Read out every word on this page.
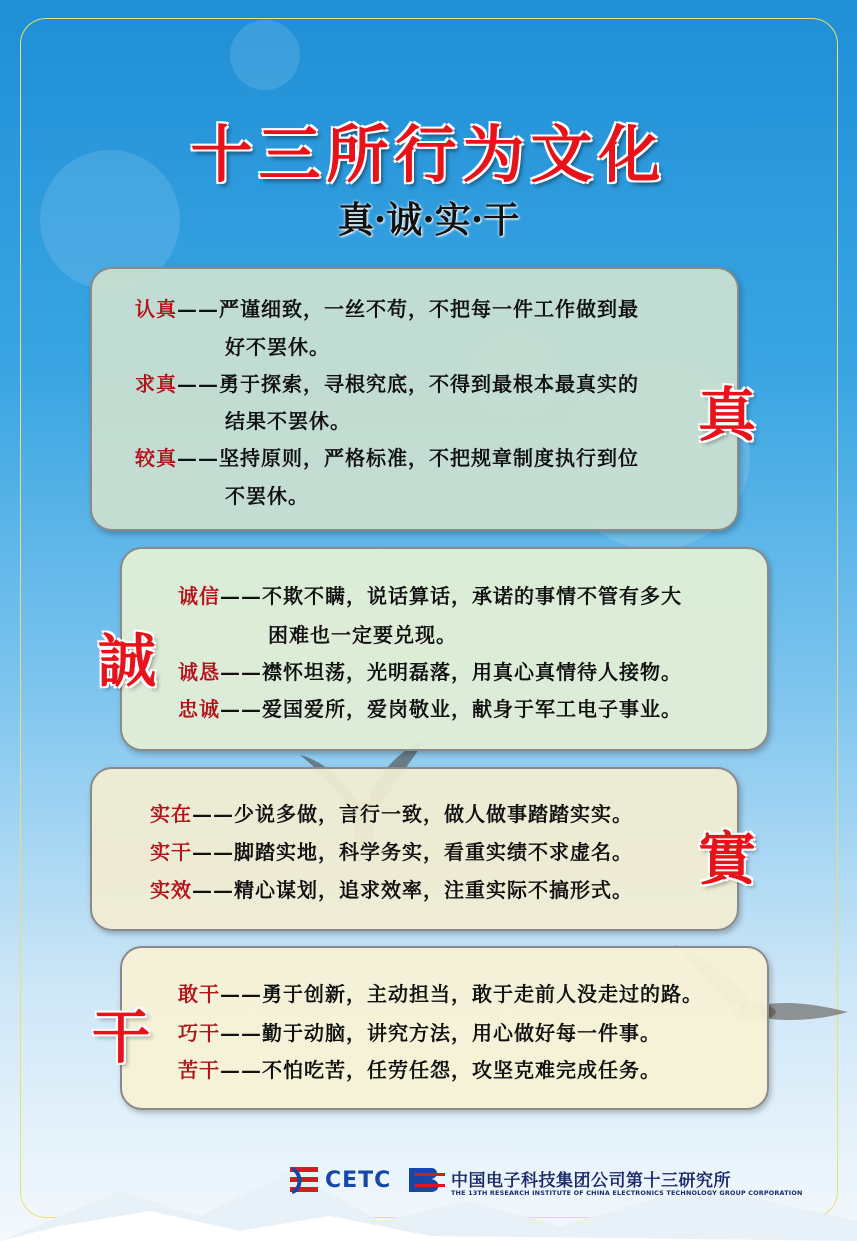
十三所行为文化
真·诚·实·干
认真——严谨细致，一丝不苟，不把每一件工作做到最
好不罢休。
求真——勇于探索，寻根究底，不得到最根本最真实的
结果不罢休。
较真——坚持原则，严格标准，不把规章制度执行到位
不罢休。
真
诚信——不欺不瞒，说话算话，承诺的事情不管有多大
困难也一定要兑现。
诚恳——襟怀坦荡，光明磊落，用真心真情待人接物。
忠诚——爱国爱所，爱岗敬业，献身于军工电子事业。
誠
实在——少说多做，言行一致，做人做事踏踏实实。
实干——脚踏实地，科学务实，看重实绩不求虚名。
实效——精心谋划，追求效率，注重实际不搞形式。 實
敢干——勇于创新，主动担当，敢于走前人没走过的路。
巧干——勤于动脑，讲究方法，用心做好每一件事。
苦干——不怕吃苦，任劳任怨，攻坚克难完成任务。
干
CETC	中国电子科技集团公司第十三研究所
THE 13TH RESEARCH INSTITUTE OF CHINA ELECTRONICS TECHNOLOGY GROUP CORPORATION
